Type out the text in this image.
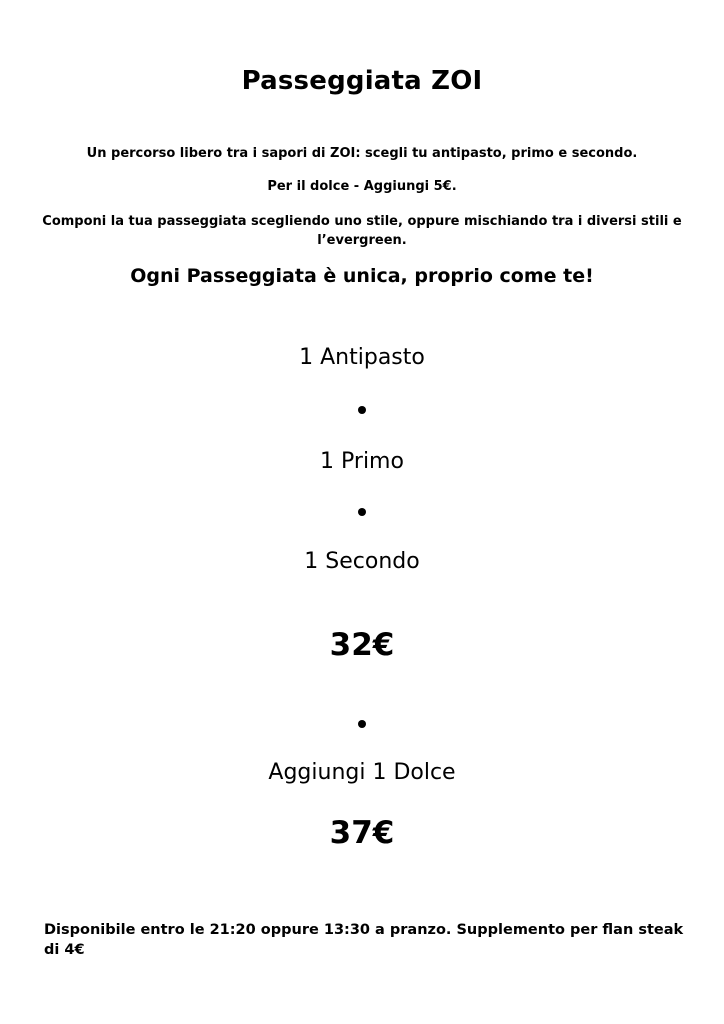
Passeggiata ZOI
Un percorso libero tra i sapori di ZOI: scegli tu antipasto, primo e secondo.
Per il dolce - Aggiungi 5€.
Componi la tua passeggiata scegliendo uno stile, oppure mischiando tra i diversi stili e l’evergreen.
Ogni Passeggiata è unica, proprio come te!
1 Antipasto
1 Primo
1 Secondo
32€
Aggiungi 1 Dolce
37€
Disponibile entro le 21:20 oppure 13:30 a pranzo. Supplemento per flan steak di 4€
